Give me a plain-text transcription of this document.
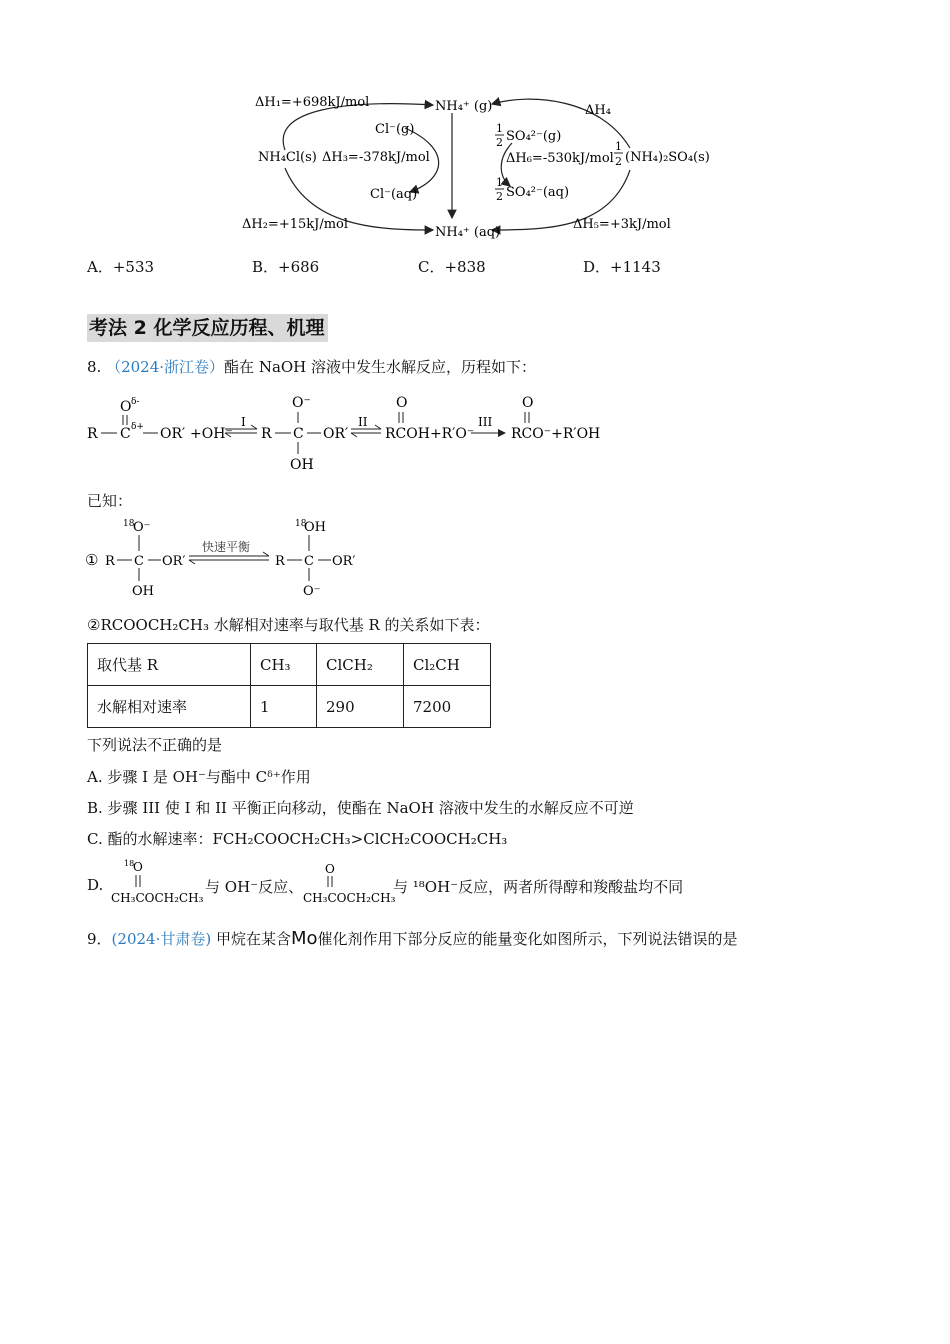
ΔH₁=+698kJ/mol
Cl⁻(g)
NH₄Cl(s) ΔH₃=-378kJ/mol
Cl⁻(aq)
ΔH₂=+15kJ/mol
NH₄⁺ (g)
NH₄⁺ (aq)
ΔH₄
1
2 SO₄²⁻(g)
ΔH₆=-530kJ/mol
1
2 (NH₄)₂SO₄(s)
1
2 SO₄²⁻(aq)
ΔH₅=+3kJ/mol
A．+533	B．+686	C．+838	D．+1143
考法 2 化学反应历程、机理
8. （2024·浙江卷）酯在 NaOH 溶液中发生水解反应，历程如下：
R
O δ-
C δ+ OR′ +OH⁻
I
R
O⁻
C
OH
OR′
II
O
RCOH+R′O⁻
III
O
RCO⁻+R′OH
已知：
① R
18
O⁻
C
OH
OR′
快速平衡
R
18
OH
C
O⁻
OR′
②RCOOCH₂CH₃ 水解相对速率与取代基 R 的关系如下表：
取代基 R	CH₃	ClCH₂	Cl₂CH
水解相对速率	1	290	7200
下列说法不正确的是
A. 步骤 I 是 OH⁻与酯中 Cᵟ⁺作用
B. 步骤 III 使 I 和 II 平衡正向移动，使酯在 NaOH 溶液中发生的水解反应不可逆
C. 酯的水解速率：FCH₂COOCH₂CH₃>ClCH₂COOCH₂CH₃
D.
18
O
CH₃COCH₂CH₃
与 OH⁻反应、
O
CH₃COCH₂CH₃
与 ¹⁸OH⁻反应，两者所得醇和羧酸盐均不同
9．(2024·甘肃卷) 甲烷在某含Mo催化剂作用下部分反应的能量变化如图所示，下列说法错误的是
